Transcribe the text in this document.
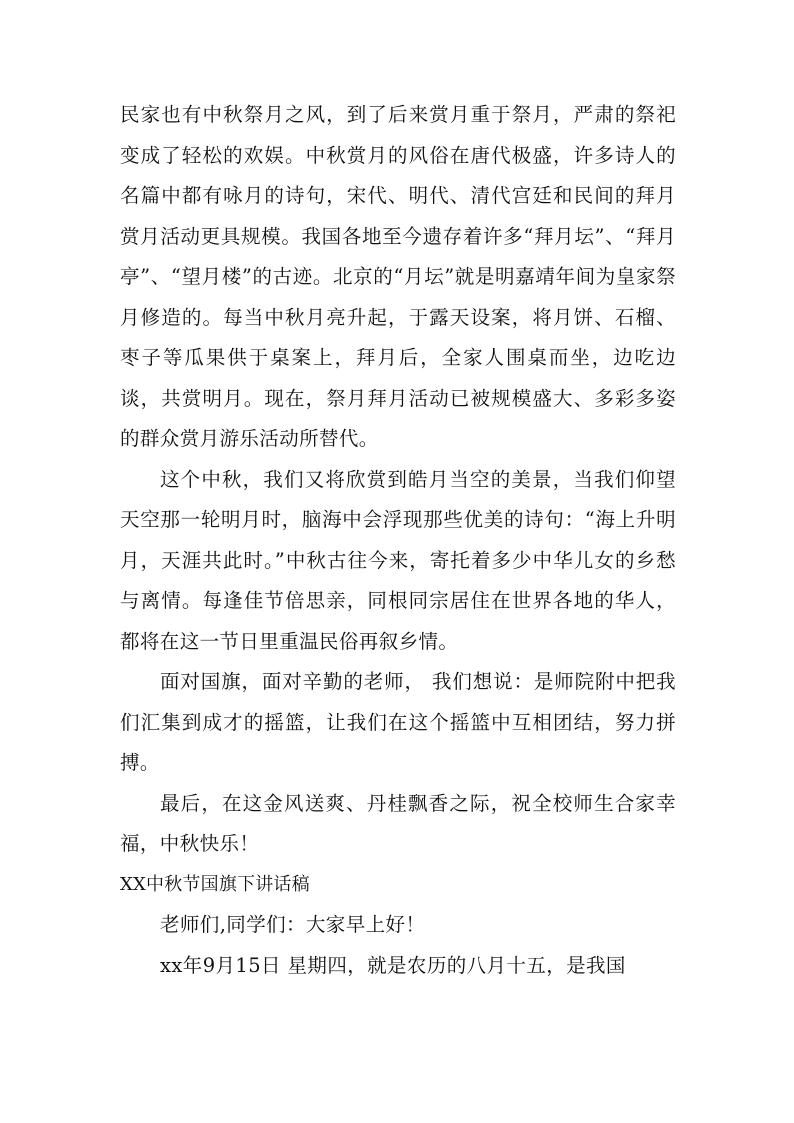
民家也有中秋祭月之风，到了后来赏月重于祭月，严肃的祭祀变成了轻松的欢娱。中秋赏月的风俗在唐代极盛，许多诗人的名篇中都有咏月的诗句，宋代、明代、清代宫廷和民间的拜月赏月活动更具规模。我国各地至今遗存着许多“拜月坛”、“拜月亭”、“望月楼”的古迹。北京的“月坛”就是明嘉靖年间为皇家祭月修造的。每当中秋月亮升起，于露天设案，将月饼、石榴、枣子等瓜果供于桌案上，拜月后，全家人围桌而坐，边吃边谈，共赏明月。现在，祭月拜月活动已被规模盛大、多彩多姿的群众赏月游乐活动所替代。

这个中秋，我们又将欣赏到皓月当空的美景，当我们仰望天空那一轮明月时，脑海中会浮现那些优美的诗句：“海上升明月，天涯共此时。”中秋古往今来，寄托着多少中华儿女的乡愁与离情。每逢佳节倍思亲，同根同宗居住在世界各地的华人，都将在这一节日里重温民俗再叙乡情。

面对国旗，面对辛勤的老师， 我们想说：是师院附中把我们汇集到成才的摇篮，让我们在这个摇篮中互相团结，努力拼搏。

最后，在这金风送爽、丹桂飘香之际，祝全校师生合家幸福，中秋快乐！

XX中秋节国旗下讲话稿

老师们,同学们：大家早上好！

xx年9月15日 星期四，就是农历的八月十五，是我国
